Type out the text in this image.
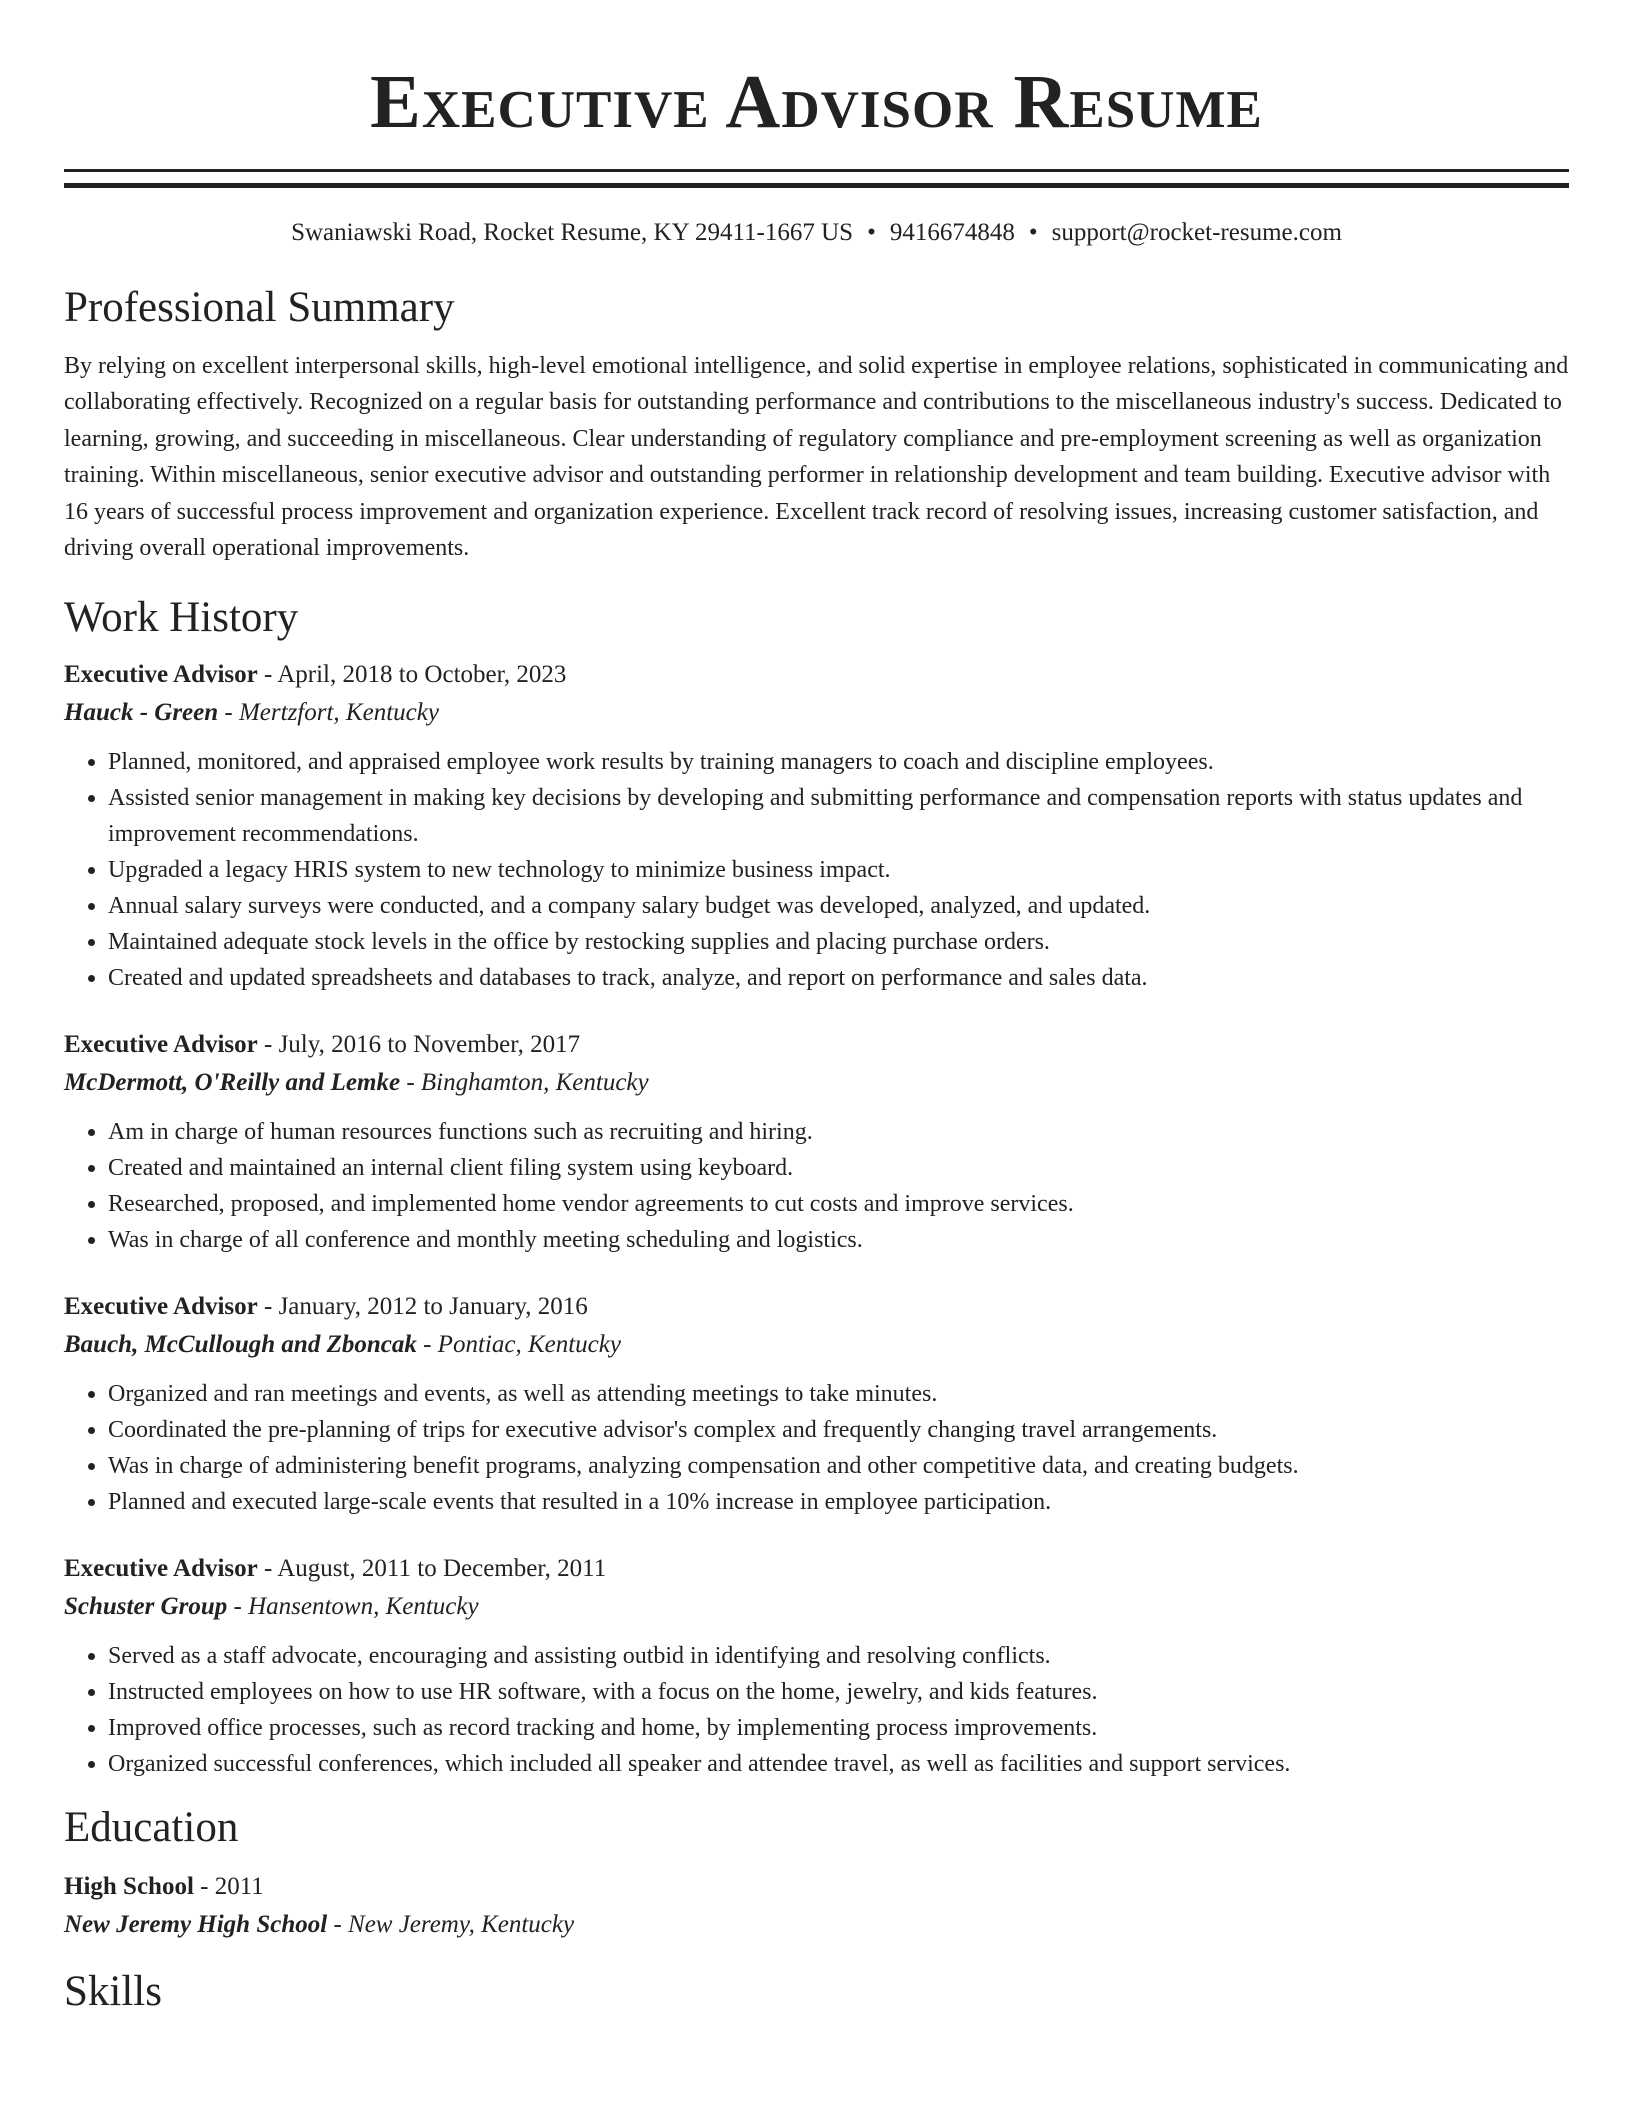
Executive Advisor Resume
Swaniawski Road, Rocket Resume, KY 29411-1667 US • 9416674848 • support@rocket-resume.com
Professional Summary

By relying on excellent interpersonal skills, high-level emotional intelligence, and solid expertise in employee relations, sophisticated in communicating and collaborating effectively. Recognized on a regular basis for outstanding performance and contributions to the miscellaneous industry's success. Dedicated to learning, growing, and succeeding in miscellaneous. Clear understanding of regulatory compliance and pre-employment screening as well as organization training. Within miscellaneous, senior executive advisor and outstanding performer in relationship development and team building. Executive advisor with 16 years of successful process improvement and organization experience. Excellent track record of resolving issues, increasing customer satisfaction, and driving overall operational improvements.

Work History
Executive Advisor - April, 2018 to October, 2023
Hauck - Green - Mertzfort, Kentucky
• Planned, monitored, and appraised employee work results by training managers to coach and discipline employees.
• Assisted senior management in making key decisions by developing and submitting performance and compensation reports with status updates and improvement recommendations.
• Upgraded a legacy HRIS system to new technology to minimize business impact.
• Annual salary surveys were conducted, and a company salary budget was developed, analyzed, and updated.
• Maintained adequate stock levels in the office by restocking supplies and placing purchase orders.
• Created and updated spreadsheets and databases to track, analyze, and report on performance and sales data.
Executive Advisor - July, 2016 to November, 2017
McDermott, O'Reilly and Lemke - Binghamton, Kentucky
• Am in charge of human resources functions such as recruiting and hiring.
• Created and maintained an internal client filing system using keyboard.
• Researched, proposed, and implemented home vendor agreements to cut costs and improve services.
• Was in charge of all conference and monthly meeting scheduling and logistics.
Executive Advisor - January, 2012 to January, 2016
Bauch, McCullough and Zboncak - Pontiac, Kentucky
• Organized and ran meetings and events, as well as attending meetings to take minutes.
• Coordinated the pre-planning of trips for executive advisor's complex and frequently changing travel arrangements.
• Was in charge of administering benefit programs, analyzing compensation and other competitive data, and creating budgets.
• Planned and executed large-scale events that resulted in a 10% increase in employee participation.
Executive Advisor - August, 2011 to December, 2011
Schuster Group - Hansentown, Kentucky
• Served as a staff advocate, encouraging and assisting outbid in identifying and resolving conflicts.
• Instructed employees on how to use HR software, with a focus on the home, jewelry, and kids features.
• Improved office processes, such as record tracking and home, by implementing process improvements.
• Organized successful conferences, which included all speaker and attendee travel, as well as facilities and support services.
Education
High School - 2011
New Jeremy High School - New Jeremy, Kentucky
Skills
